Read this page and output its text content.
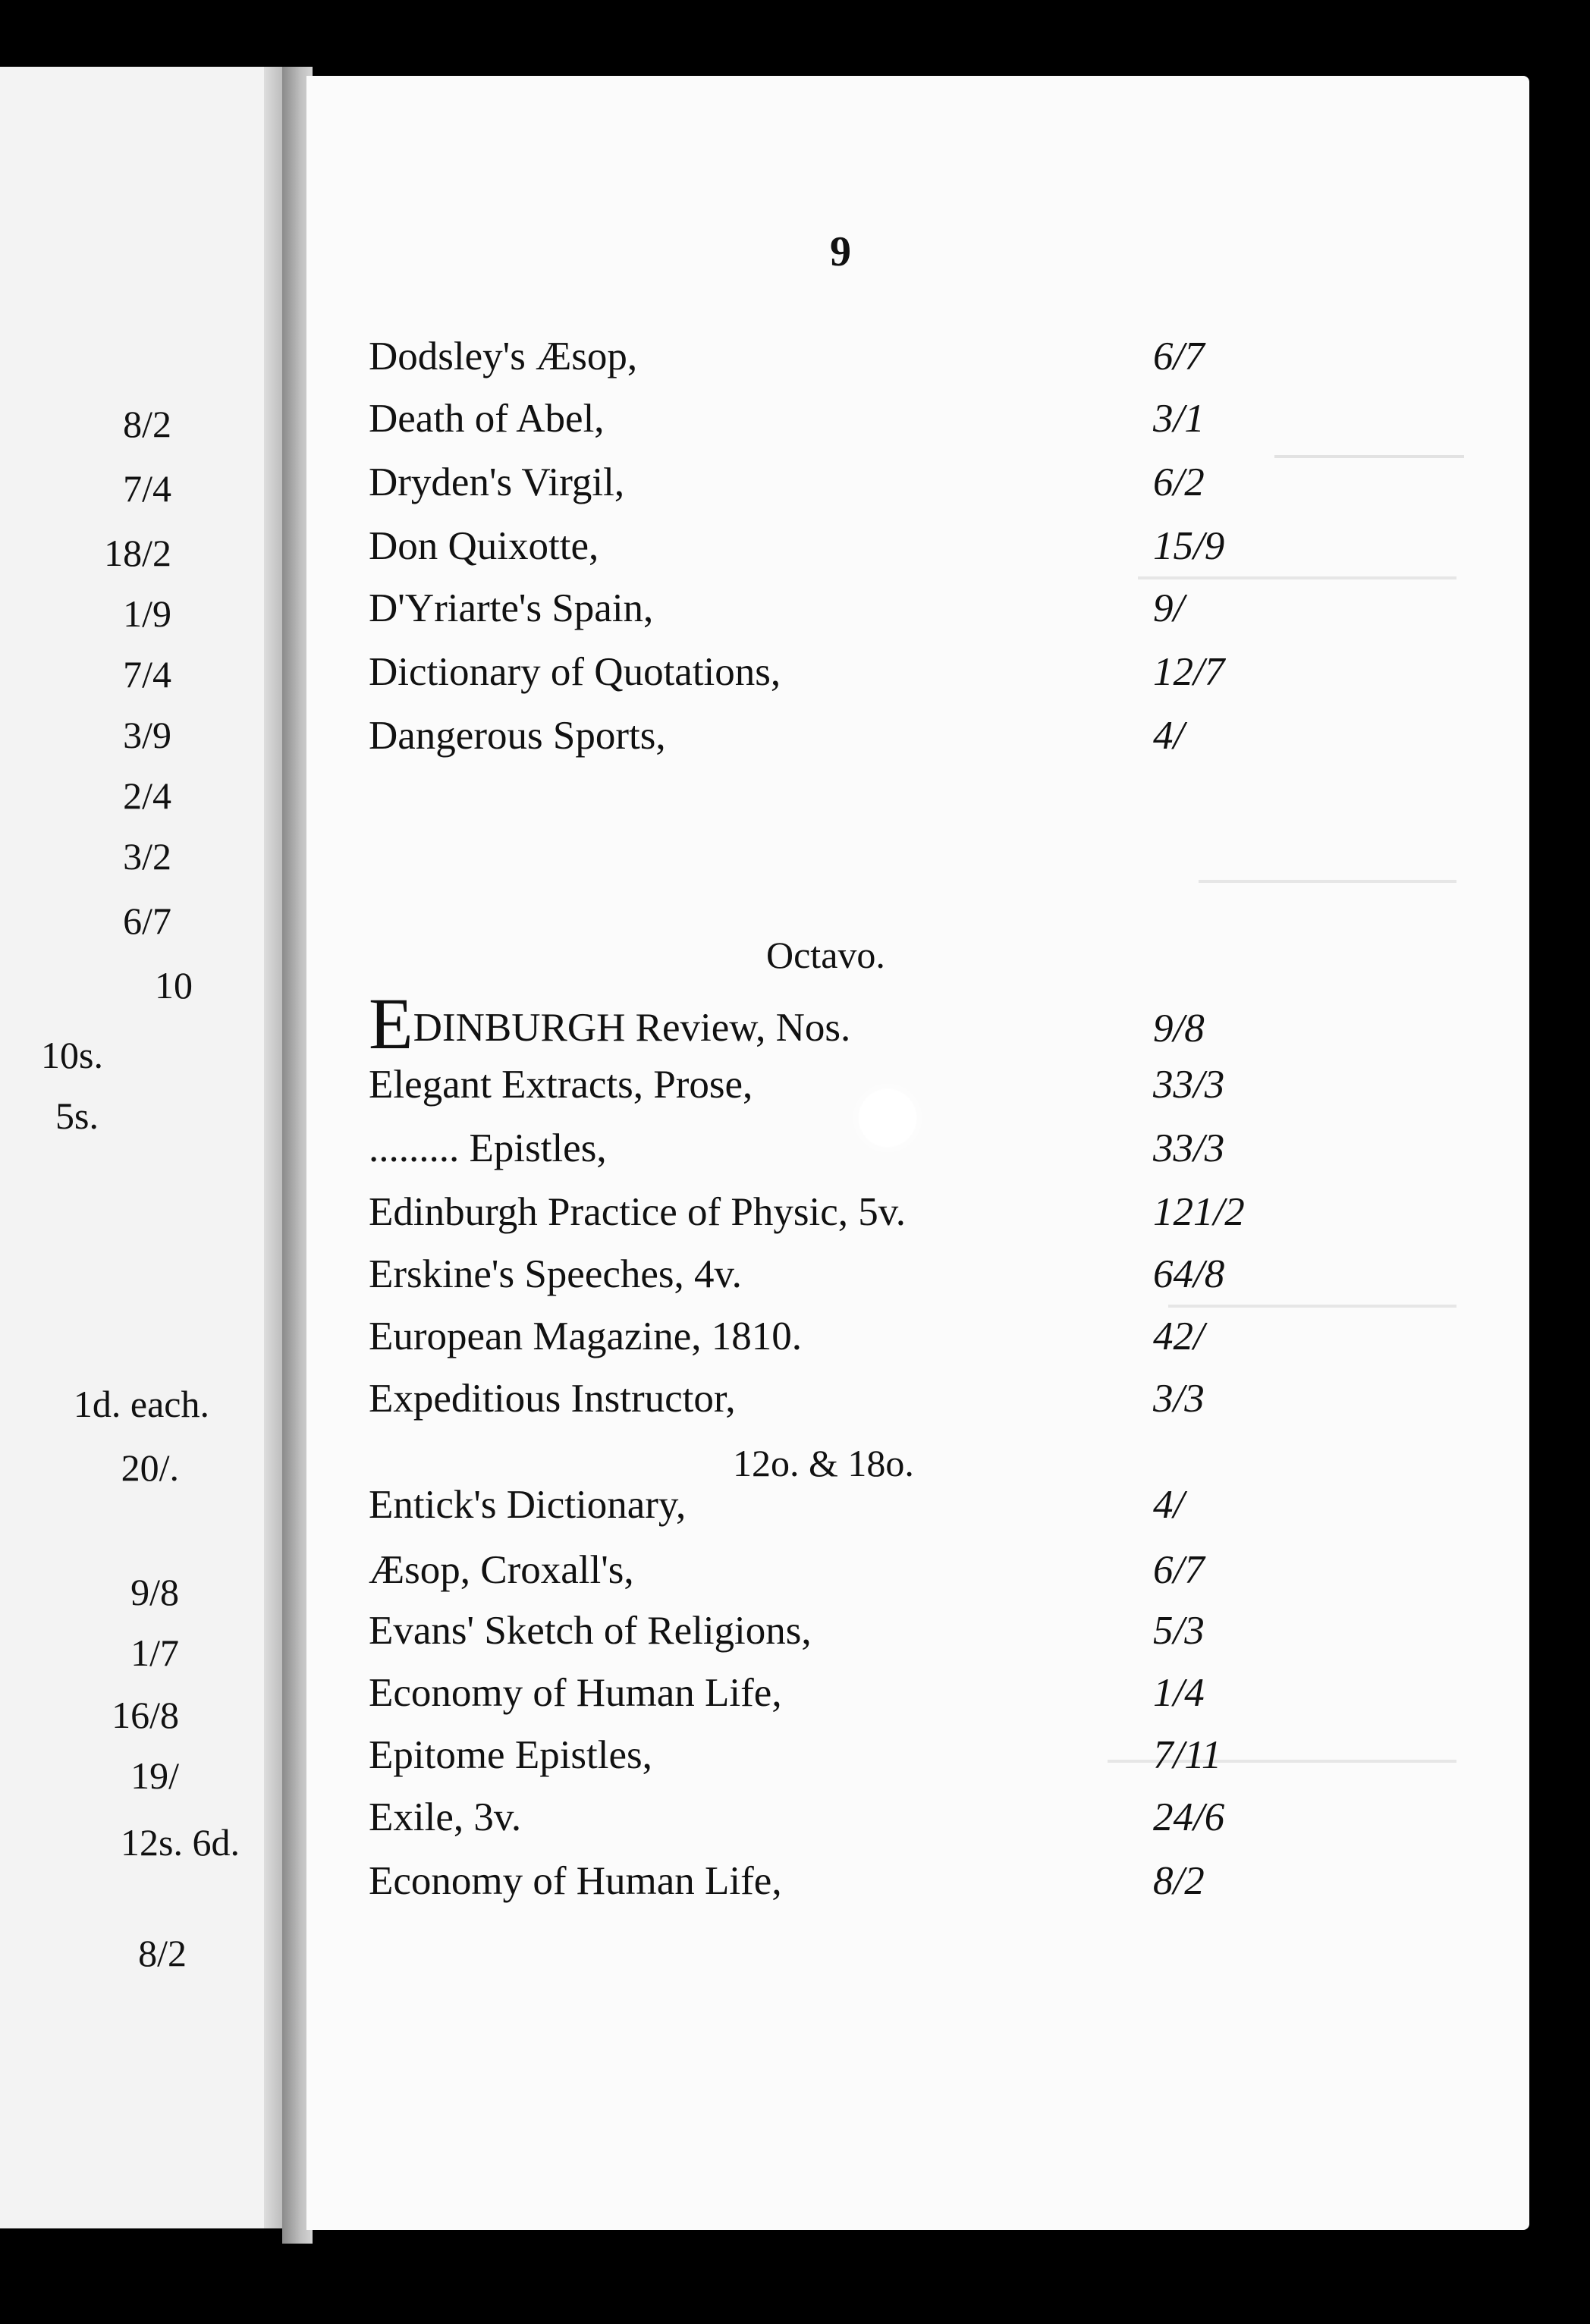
8/2
7/4
18/2
1/9
7/4
3/9
2/4
3/2
6/7
10
10s.
5s.
1d. each.
20/.
9/8
1/7
16/8
19/
12s. 6d.
8/2
9
Dodsley's Æsop,	6/7
Death of Abel,	3/1
Dryden's Virgil,	6/2
Don Quixotte,	15/9
D'Yriarte's Spain,	9/
Dictionary of Quotations,	12/7
Dangerous Sports,	4/
Octavo.
EDINBURGH Review, Nos.	9/8
Elegant Extracts, Prose,	33/3
......... Epistles,	33/3
Edinburgh Practice of Physic, 5v.	121/2
Erskine's Speeches, 4v.	64/8
European Magazine, 1810.	42/
Expeditious Instructor,	3/3
12o. & 18o.
Entick's Dictionary,	4/
Æsop, Croxall's,	6/7
Evans' Sketch of Religions,	5/3
Economy of Human Life,	1/4
Epitome Epistles,	7/11
Exile, 3v.	24/6
Economy of Human Life,	8/2
